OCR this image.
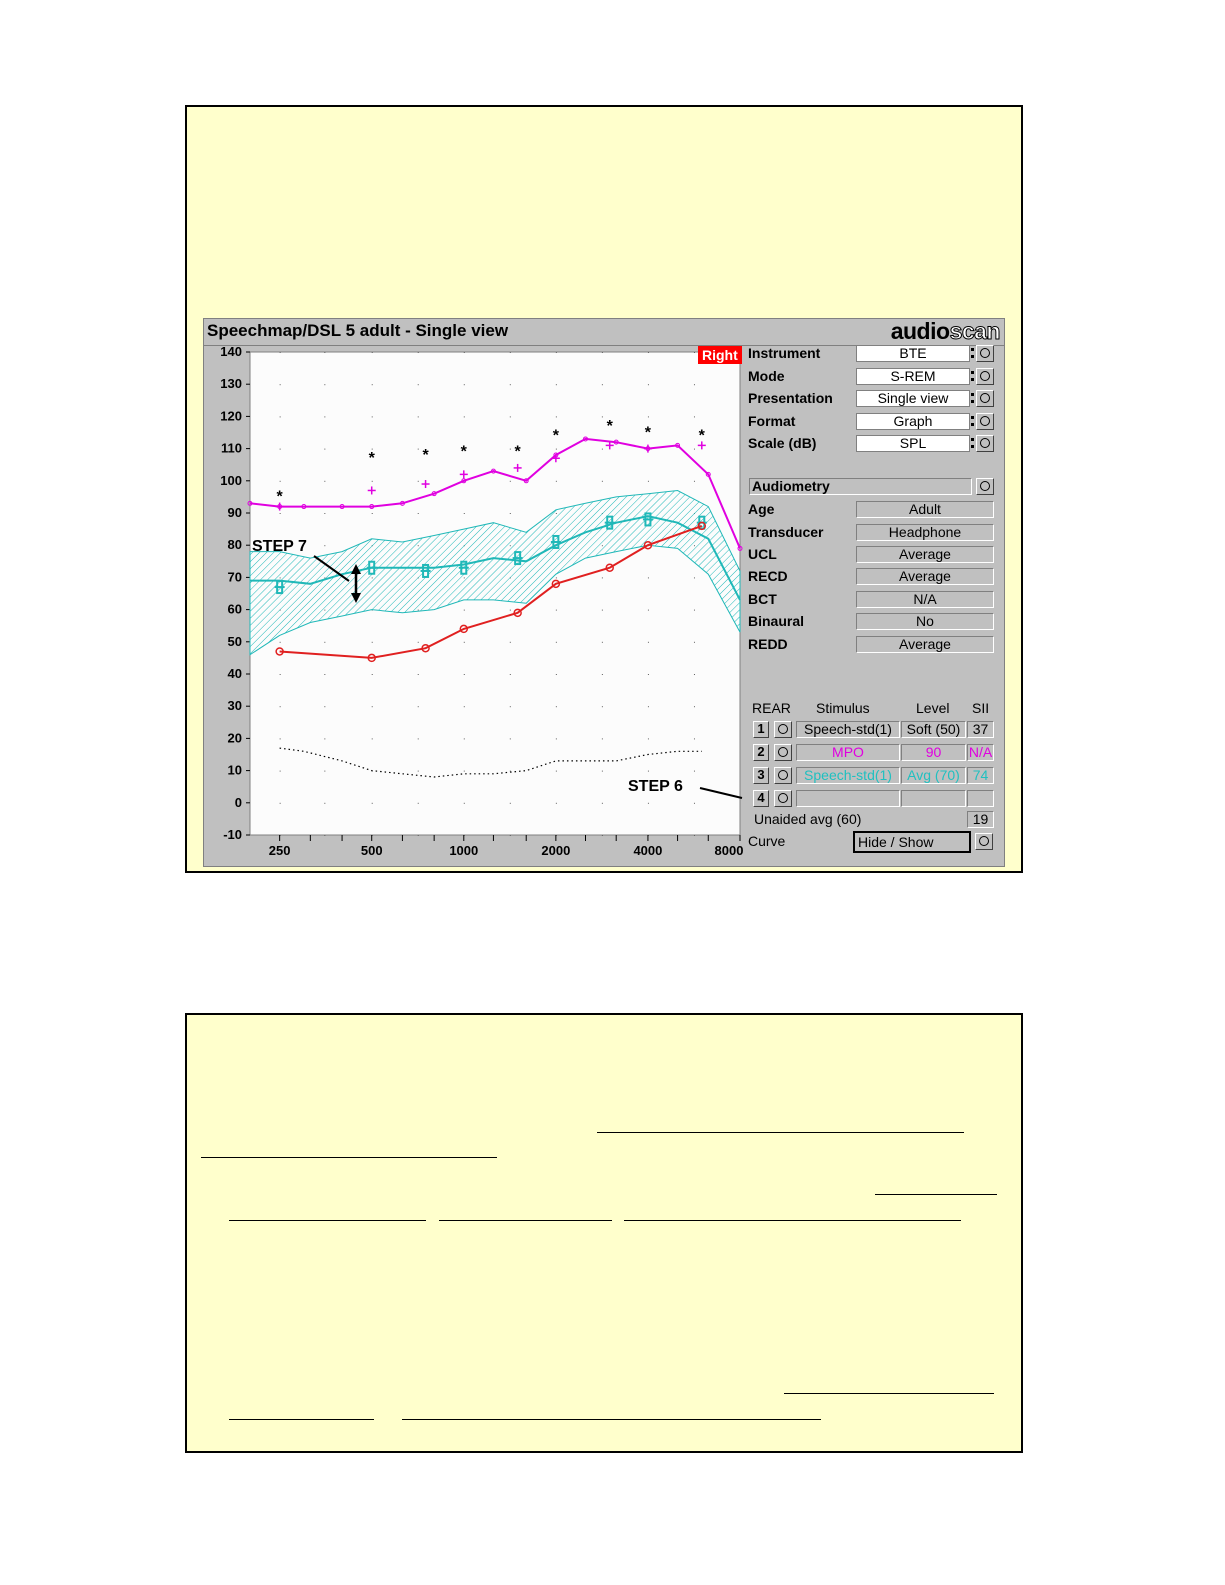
Speechmap/DSL 5 adult - Single view	audioscan
140
130
120
110
100
90
80
70
60
50
40
30
20
10
0
-10
250	500	1000	2000	4000	8000
*
*	* *	*
*
* *	*
STEP 7
STEP 6
Right Instrument	BTE
Mode	S-REM
Presentation	Single view
Format	Graph
Scale (dB)	SPL
Audiometry
Age	Adult
Transducer	Headphone
UCL	Average
RECD	Average
BCT	N/A
Binaural	No
REDD	Average
REAR Stimulus	Level SII
1	Speech-std(1)	Soft (50) 37
2	MPO	90	N/A
3	Speech-std(1)	Avg (70) 74
4
Unaided avg (60)	19
Curve	Hide / Show
